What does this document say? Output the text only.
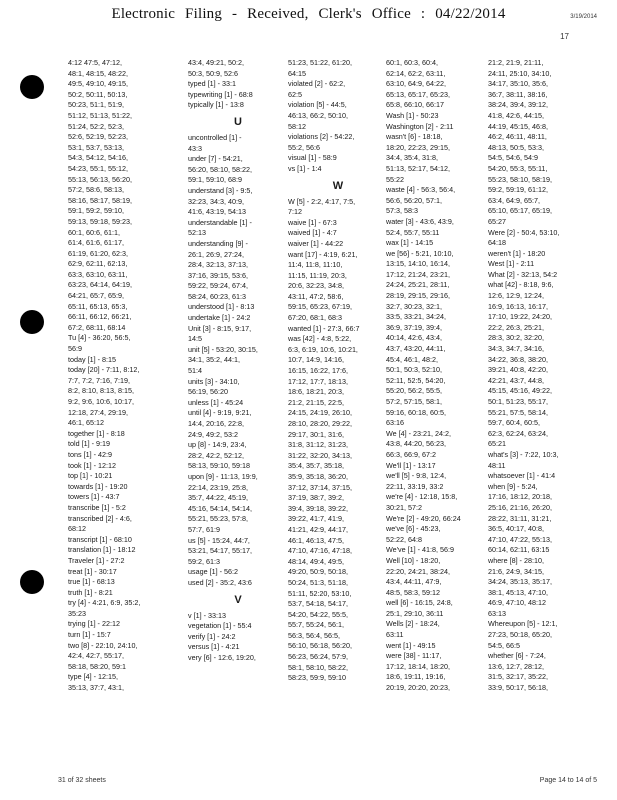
Electronic Filing - Received, Clerk's Office : 04/22/2014	3/19/2014
17
4:12 47:5, 47:12,
48:1, 48:15, 48:22,
49:5, 49:10, 49:15,
50:2, 50:11, 50:13,
50:23, 51:1, 51:9,
51:12, 51:13, 51:22,
51:24, 52:2, 52:3,
52:6, 52:19, 52:23,
53:1, 53:7, 53:13,
54:3, 54:12, 54:16,
54:23, 55:1, 55:12,
55:13, 56:13, 56:20,
57:2, 58:6, 58:13,
58:16, 58:17, 58:19,
59:1, 59:2, 59:10,
59:13, 59:18, 59:23,
60:1, 60:6, 61:1,
61:4, 61:6, 61:17,
61:19, 61:20, 62:3,
62:9, 62:11, 62:13,
63:3, 63:10, 63:11,
63:23, 64:14, 64:19,
64:21, 65:7, 65:9,
65:11, 65:13, 65:3,
66:11, 66:12, 66:21,
67:2, 68:11, 68:14
Tu [4] - 36:20, 56:5,
56:9
today [1] - 8:15
today [20] - 7:11, 8:12,
7:7, 7:2, 7:16, 7:19,
8:2, 8:10, 8:13, 8:15,
9:2, 9:6, 10:6, 10:17,
12:18, 27:4, 29:19,
46:1, 65:12
together [1] - 8:18
told [1] - 9:19
tons [1] - 42:9
took [1] - 12:12
top [1] - 10:21
towards [1] - 19:20
towers [1] - 43:7
transcribe [1] - 5:2
transcribed [2] - 4:6,
68:12
transcript [1] - 68:10
translation [1] - 18:12
Traveler [1] - 27:2
treat [1] - 30:17
true [1] - 68:13
truth [1] - 8:21
try [4] - 4:21, 6:9, 35:2,
35:23
trying [1] - 22:12
turn [1] - 15:7
two [8] - 22:10, 24:10,
42:4, 42:7, 55:17,
58:18, 58:20, 59:1
type [4] - 12:15,
35:13, 37:7, 43:1,
43:4, 49:21, 50:2,
50:3, 50:9, 52:6
typed [1] - 33:1
typewriting [1] - 68:8
typically [1] - 13:8
U
uncontrolled [1] -
43:3
under [7] - 54:21,
56:20, 58:10, 58:22,
59:1, 59:10, 68:9
understand [3] - 9:5,
32:23, 34:3, 40:9,
41:6, 43:19, 54:13
understandable [1] -
52:13
understanding [9] -
26:1, 26:9, 27:24,
28:4, 32:13, 37:13,
37:16, 39:15, 53:6,
59:22, 59:24, 67:4,
58:24, 60:23, 61:3
understood [1] - 8:13
undertake [1] - 24:2
Unit [3] - 8:15, 9:17,
14:5
unit [5] - 53:20, 30:15,
34:1, 35:2, 44:1,
51:4
units [3] - 34:10,
56:19, 56:20
unless [1] - 45:24
until [4] - 9:19, 9:21,
14:4, 20:16, 22:8,
24:9, 49:2, 53:2
up [8] - 14:9, 23:4,
28:2, 42:2, 52:12,
58:13, 59:10, 59:18
upon [9] - 11:13, 19:9,
22:14, 23:19, 25:8,
35:7, 44:22, 45:19,
45:16, 54:14, 54:14,
55:21, 55:23, 57:8,
57:7, 61:9
us [5] - 15:24, 44:7,
53:21, 54:17, 55:17,
59:2, 61:3
usage [1] - 56:2
used [2] - 35:2, 43:6
V
v [1] - 33:13
vegetation [1] - 55:4
verify [1] - 24:2
versus [1] - 4:21
very [6] - 12:6, 19:20,
51:23, 51:22, 61:20,
64:15
violated [2] - 62:2,
62:5
violation [5] - 44:5,
46:13, 66:2, 50:10,
58:12
violations [2] - 54:22,
55:2, 56:6
visual [1] - 58:9
vs [1] - 1:4
W
W [5] - 2:2, 4:17, 7:5,
7:12
waive [1] - 67:3
waived [1] - 4:7
waiver [1] - 44:22
want [17] - 4:19, 6:21,
11:4, 11:8, 11:10,
11:15, 11:19, 20:3,
20:6, 32:23, 34:8,
43:11, 47:2, 58:6,
59:15, 65:23, 67:19,
67:20, 68:1, 68:3
wanted [1] - 27:3, 66:7
was [42] - 4:8, 5:22,
6:3, 6:19, 10:6, 10:21,
10:7, 14:9, 14:16,
16:15, 16:22, 17:6,
17:12, 17:7, 18:13,
18:6, 18:21, 20:3,
21:2, 21:15, 22:5,
24:15, 24:19, 26:10,
28:10, 28:20, 29:22,
29:17, 30:1, 31:6,
31:8, 31:12, 31:23,
31:22, 32:20, 34:13,
35:4, 35:7, 35:18,
35:9, 35:18, 36:20,
37:12, 37:14, 37:15,
37:19, 38:7, 39:2,
39:4, 39:18, 39:22,
39:22, 41:7, 41:9,
41:21, 42:9, 44:17,
46:1, 46:13, 47:5,
47:10, 47:16, 47:18,
48:14, 49:4, 49:5,
49:20, 50:9, 50:18,
50:24, 51:3, 51:18,
51:11, 52:20, 53:10,
53:7, 54:18, 54:17,
54:20, 54:22, 55:5,
55:7, 55:24, 56:1,
56:3, 56:4, 56:5,
56:10, 56:18, 56:20,
56:23, 56:24, 57:9,
58:1, 58:10, 58:22,
58:23, 59:9, 59:10
60:1, 60:3, 60:4,
62:14, 62:2, 63:11,
63:10, 64:9, 64:22,
65:13, 65:17, 65:23,
65:8, 66:10, 66:17
Wash [1] - 50:23
Washington [2] - 2:11
wasn't [6] - 18:18,
18:20, 22:23, 29:15,
34:4, 35:4, 31:8,
51:13, 52:17, 54:12,
55:22
waste [4] - 56:3, 56:4,
56:6, 56:20, 57:1,
57:3, 58:3
water [3] - 43:6, 43:9,
52:4, 55:7, 55:11
wax [1] - 14:15
we [56] - 5:21, 10:10,
13:15, 14:10, 16:14,
17:12, 21:24, 23:21,
24:24, 25:21, 28:11,
28:19, 29:15, 29:16,
32:7, 30:23, 32:1,
33:5, 33:21, 34:24,
36:9, 37:19, 39:4,
40:14, 42:6, 43:4,
43:7, 43:20, 44:11,
45:4, 46:1, 48:2,
50:1, 50:3, 52:10,
52:11, 52:5, 54:20,
55:20, 56:2, 55:5,
57:2, 57:15, 58:1,
59:16, 60:18, 60:5,
63:16
We [4] - 23:21, 24:2,
43:8, 44:20, 56:23,
66:3, 66:9, 67:2
We'll [1] - 13:17
we'll [5] - 9:8, 12:4,
22:11, 33:19, 33:2
we're [4] - 12:18, 15:8,
30:21, 57:2
We're [2] - 49:20, 66:24
we've [6] - 45:23,
52:22, 64:8
We've [1] - 41:8, 56:9
Well [10] - 18:20,
22:20, 24:21, 38:24,
43:4, 44:11, 47:9,
48:5, 58:3, 59:12
well [6] - 16:15, 24:8,
25:1, 29:10, 36:11
Wells [2] - 18:24,
63:11
went [1] - 49:15
were [38] - 11:17,
17:12, 18:14, 18:20,
18:6, 19:11, 19:16,
20:19, 20:20, 20:23,
21:2, 21:9, 21:11,
24:11, 25:10, 34:10,
34:17, 35:10, 35:6,
36:7, 38:11, 38:16,
38:24, 39:4, 39:12,
41:8, 42:6, 44:15,
44:19, 45:15, 46:8,
46:2, 46:11, 48:11,
48:13, 50:5, 53:3,
54:5, 54:6, 54:9
54:20, 55:3, 55:11,
55:23, 58:10, 58:19,
59:2, 59:19, 61:12,
63:4, 64:9, 65:7,
65:10, 65:17, 65:19,
65:27
Were [2] - 50:4, 53:10,
64:18
weren't [1] - 18:20
West [1] - 2:11
What [2] - 32:13, 54:2
what [42] - 8:18, 9:6,
12:6, 12:9, 12:24,
16:9, 16:13, 16:17,
17:10, 19:22, 24:20,
22:2, 26:3, 25:21,
28:3, 30:2, 32:20,
34:3, 34:7, 34:16,
34:22, 36:8, 38:20,
39:21, 40:8, 42:20,
42:21, 43:7, 44:8,
45:15, 45:16, 49:22,
50:1, 51:23, 55:17,
55:21, 57:5, 58:14,
59:7, 60:4, 60:5,
62:3, 62:24, 63:24,
65:21
what's [3] - 7:22, 10:3,
48:11
whatsoever [1] - 41:4
when [9] - 5:24,
17:16, 18:12, 20:18,
25:16, 21:16, 26:20,
28:22, 31:11, 31:21,
36:5, 40:17, 40:8,
47:10, 47:22, 55:13,
60:14, 62:11, 63:15
where [8] - 28:10,
21:6, 24:9, 34:15,
34:24, 35:13, 35:17,
38:1, 45:13, 47:10,
46:9, 47:10, 48:12
63:13
Whereupon [5] - 12:1,
27:23, 50:18, 65:20,
54:5, 66:5
whether [6] - 7:24,
13:6, 12:7, 28:12,
31:5, 32:17, 35:22,
33:9, 50:17, 56:18,
31 of 32 sheets	Page 14 to 14 of 5
